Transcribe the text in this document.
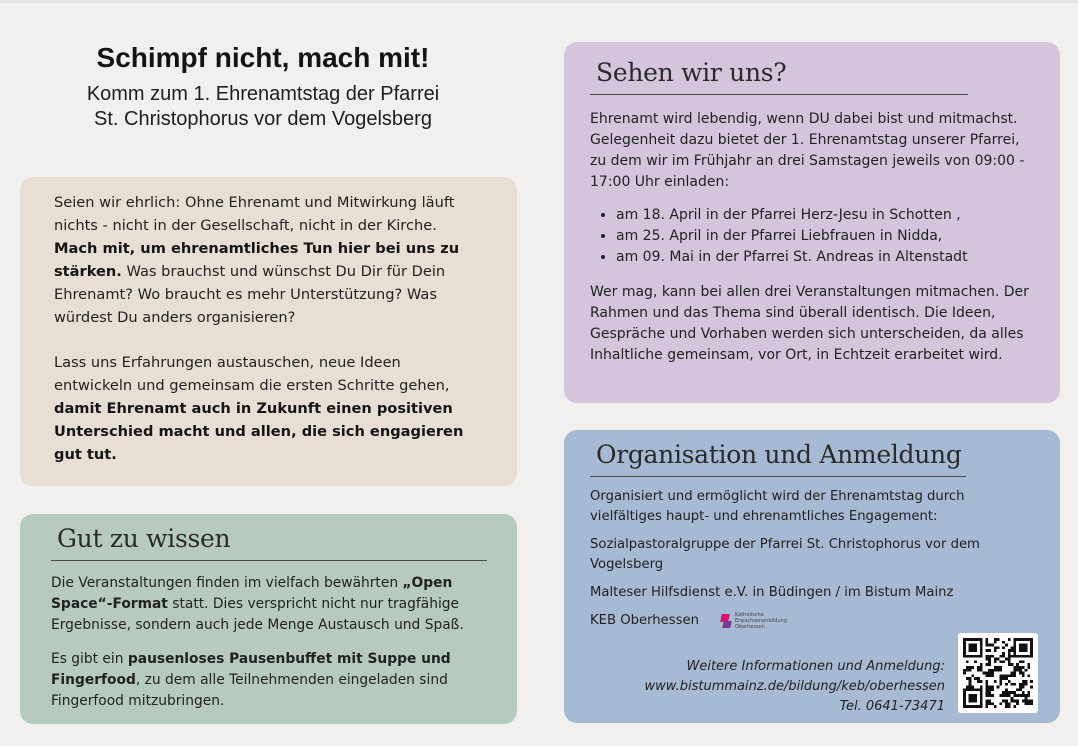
Schimpf nicht, mach mit!
Komm zum 1. Ehrenamtstag der Pfarrei
St. Christophorus vor dem Vogelsberg

Seien wir ehrlich: Ohne Ehrenamt und Mitwirkung läuft nichts - nicht in der Gesellschaft, nicht in der Kirche. Mach mit, um ehrenamtliches Tun hier bei uns zu stärken. Was brauchst und wünschst Du Dir für Dein Ehrenamt? Wo braucht es mehr Unterstützung? Was würdest Du anders organisieren?

Lass uns Erfahrungen austauschen, neue Ideen entwickeln und gemeinsam die ersten Schritte gehen, damit Ehrenamt auch in Zukunft einen positiven Unterschied macht und allen, die sich engagieren gut tut.

Gut zu wissen

Die Veranstaltungen finden im vielfach bewährten „Open Space“-Format statt. Dies verspricht nicht nur tragfähige Ergebnisse, sondern auch jede Menge Austausch und Spaß.

Es gibt ein pausenloses Pausenbuffet mit Suppe und Fingerfood, zu dem alle Teilnehmenden eingeladen sind Fingerfood mitzubringen.

Sehen wir uns?

Ehrenamt wird lebendig, wenn DU dabei bist und mitmachst. Gelegenheit dazu bietet der 1. Ehrenamtstag unserer Pfarrei, zu dem wir im Frühjahr an drei Samstagen jeweils von 09:00 - 17:00 Uhr einladen:

• am 18. April in der Pfarrei Herz-Jesu in Schotten ,
• am 25. April in der Pfarrei Liebfrauen in Nidda,
• am 09. Mai in der Pfarrei St. Andreas in Altenstadt

Wer mag, kann bei allen drei Veranstaltungen mitmachen. Der Rahmen und das Thema sind überall identisch. Die Ideen, Gespräche und Vorhaben werden sich unterscheiden, da alles Inhaltliche gemeinsam, vor Ort, in Echtzeit erarbeitet wird.

Organisation und Anmeldung

Organisiert und ermöglicht wird der Ehrenamtstag durch vielfältiges haupt- und ehrenamtliches Engagement:

Sozialpastoralgruppe der Pfarrei St. Christophorus vor dem Vogelsberg

Malteser Hilfsdienst e.V. in Büdingen / im Bistum Mainz

KEB Oberhessen	Katholische
Erwachsenenbildung
Oberhessen
Weitere Informationen und Anmeldung:
www.bistummainz.de/bildung/keb/oberhessen
Tel. 0641-73471
